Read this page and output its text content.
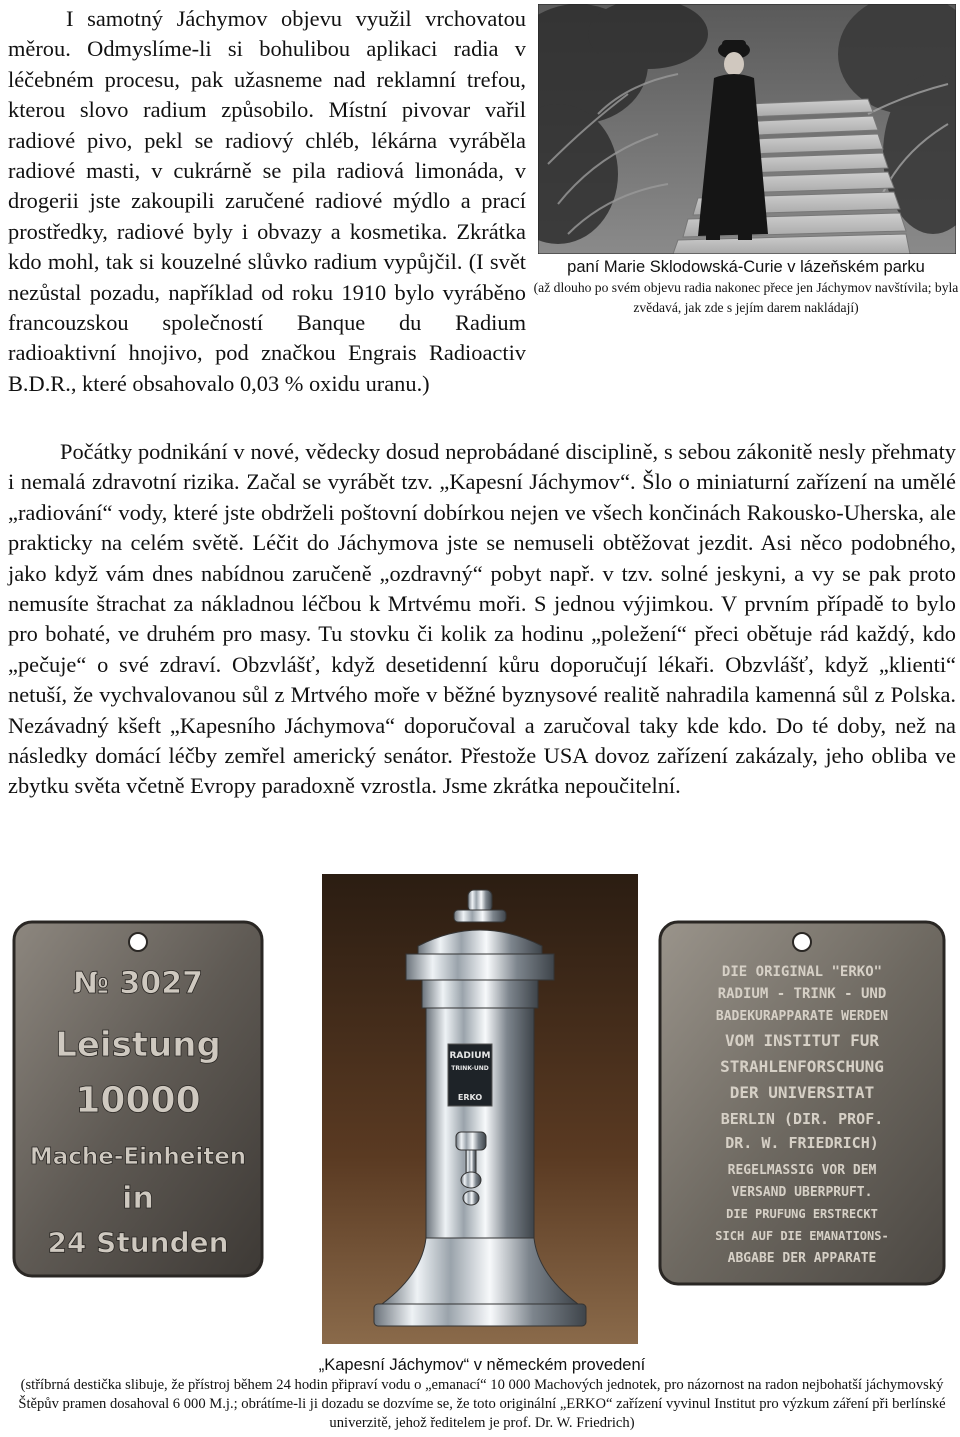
I samotný Jáchymov objevu využil vrchovatou měrou. Odmyslíme-li si bohulibou aplikaci radia v léčebném procesu, pak užasneme nad reklamní trefou, kterou slovo radium způsobilo. Místní pivovar vařil radiové pivo, pekl se radiový chléb, lékárna vyráběla radiové masti, v cukrárně se pila radiová limonáda, v drogerii jste zakoupili zaručené radiové mýdlo a prací prostředky, radiové byly i obvazy a kosmetika. Zkrátka kdo mohl, tak si kouzelné slůvko radium vypůjčil. (I svět nezůstal pozadu, například od roku 1910 bylo vyráběno francouzskou společností Banque du Radium radioaktivní hnojivo, pod značkou Engrais Radioactiv B.D.R., které obsahovalo 0,03 % oxidu uranu.)

paní Marie Sklodowská-Curie v lázeňském parku
(až dlouho po svém objevu radia nakonec přece jen Jáchymov navštívila; byla zvědavá, jak zde s jejím darem nakládají)

Počátky podnikání v nové, vědecky dosud neprobádané disciplině, s sebou zákonitě nesly přehmaty i nemalá zdravotní rizika. Začal se vyrábět tzv. „Kapesní Jáchymov“. Šlo o miniaturní zařízení na umělé „radiování“ vody, které jste obdrželi poštovní dobírkou nejen ve všech končinách Rakousko-Uherska, ale prakticky na celém světě. Léčit do Jáchymova jste se nemuseli obtěžovat jezdit. Asi něco podobného, jako když vám dnes nabídnou zaručeně „ozdravný“ pobyt např. v tzv. solné jeskyni, a vy se pak proto nemusíte štrachat za nákladnou léčbou k Mrtvému moři. S jednou výjimkou. V prvním případě to bylo pro bohaté, ve druhém pro masy. Tu stovku či kolik za hodinu „poležení“ přeci obětuje rád každý, kdo „pečuje“ o své zdraví. Obzvlášť, když desetidenní kůru doporučují lékaři. Obzvlášť, když „klienti“ netuší, že vychvalovanou sůl z Mrtvého moře v běžné byznysové realitě nahradila kamenná sůl z Polska. Nezávadný kšeft „Kapesního Jáchymova“ doporučoval a zaručoval taky kde kdo. Do té doby, než na následky domácí léčby zemřel americký senátor. Přestože USA dovoz zařízení zakázaly, jeho obliba ve zbytku světa včetně Evropy paradoxně vzrostla. Jsme zkrátka nepoučitelní.

№ 3027
Leistung
10000
Mache-Einheiten
in
24 Stunden
RADIUM
TRINK-UND
ERKO
DIE ORIGINAL "ERKO"
RADIUM - TRINK - UND
BADEKURAPPARATE WERDEN
VOM INSTITUT FUR
STRAHLENFORSCHUNG
DER UNIVERSITAT
BERLIN (DIR. PROF.
DR. W. FRIEDRICH)
REGELMASSIG VOR DEM
VERSAND UBERPRUFT.
DIE PRUFUNG ERSTRECKT
SICH AUF DIE EMANATIONS-
ABGABE DER APPARATE
„Kapesní Jáchymov“ v německém provedení
(stříbrná destička slibuje, že přístroj během 24 hodin připraví vodu o „emanací“ 10 000 Machových jednotek, pro názornost na radon nejbohatší jáchymovský Štěpův pramen dosahoval 6 000 M.j.; obrátíme-li ji dozadu se dozvíme se, že toto originální „ERKO“ zařízení vyvinul Institut pro výzkum záření při berlínské univerzitě, jehož ředitelem je prof. Dr. W. Friedrich)
